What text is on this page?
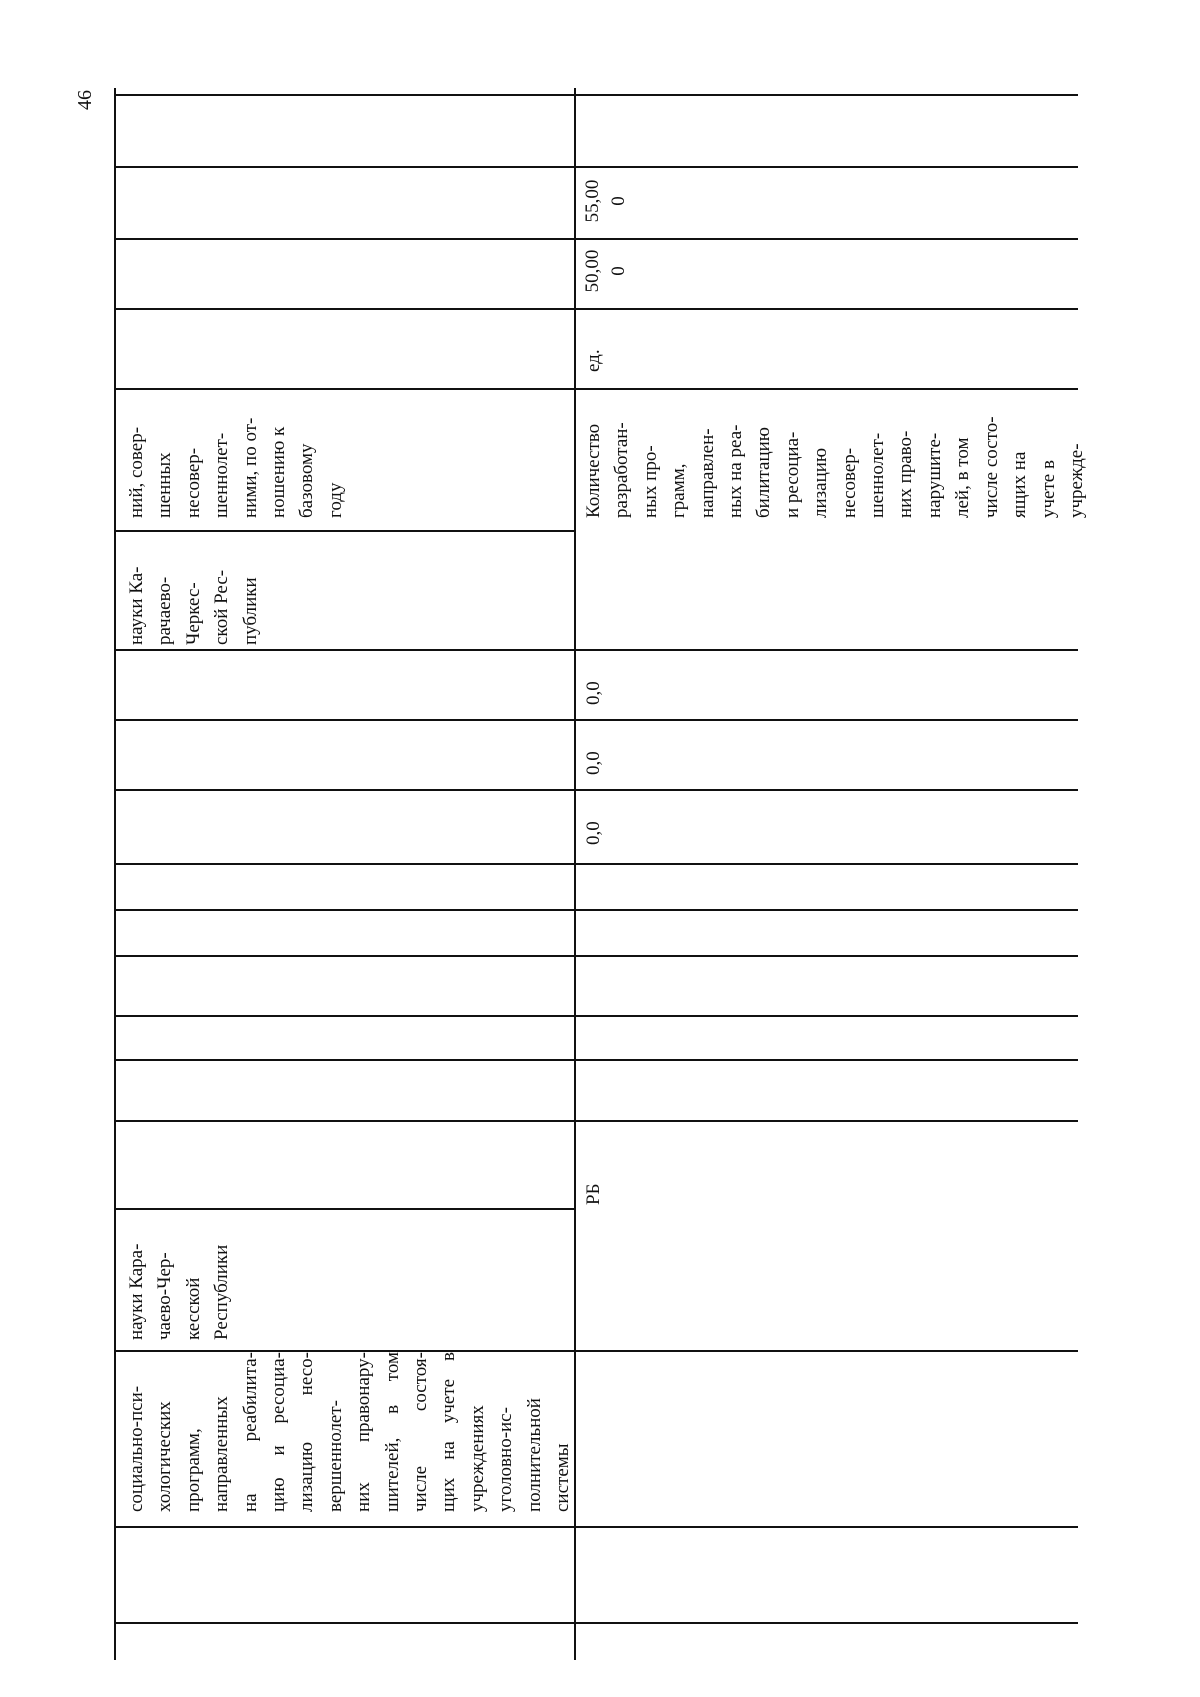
46
социально-пси-
хологических
программ,
направленных
на реабилита-
цию и ресоциа-
лизацию несо-
вершеннолет-
них правонару-
шителей, в том
числе состоя-
щих на учете в
учреждениях
уголовно-ис-
полнительной
системы
науки Кара-
чаево-Чер-
кесской
Республики
науки Ка-
рачаево-
Черкес-
ской Рес-
публики
ний, совер-
шенных
несовер-
шеннолет-
ними, по от-
ношению к
базовому
году
РБ
0,0
0,0
0,0
Количество
разработан-
ных про-
грамм,
направлен-
ных на реа-
билитацию
и ресоциа-
лизацию
несовер-
шеннолет-
них право-
нарушите-
лей, в том
числе состо-
ящих на
учете в
учрежде-
ед.
50,00
0
55,00
0
